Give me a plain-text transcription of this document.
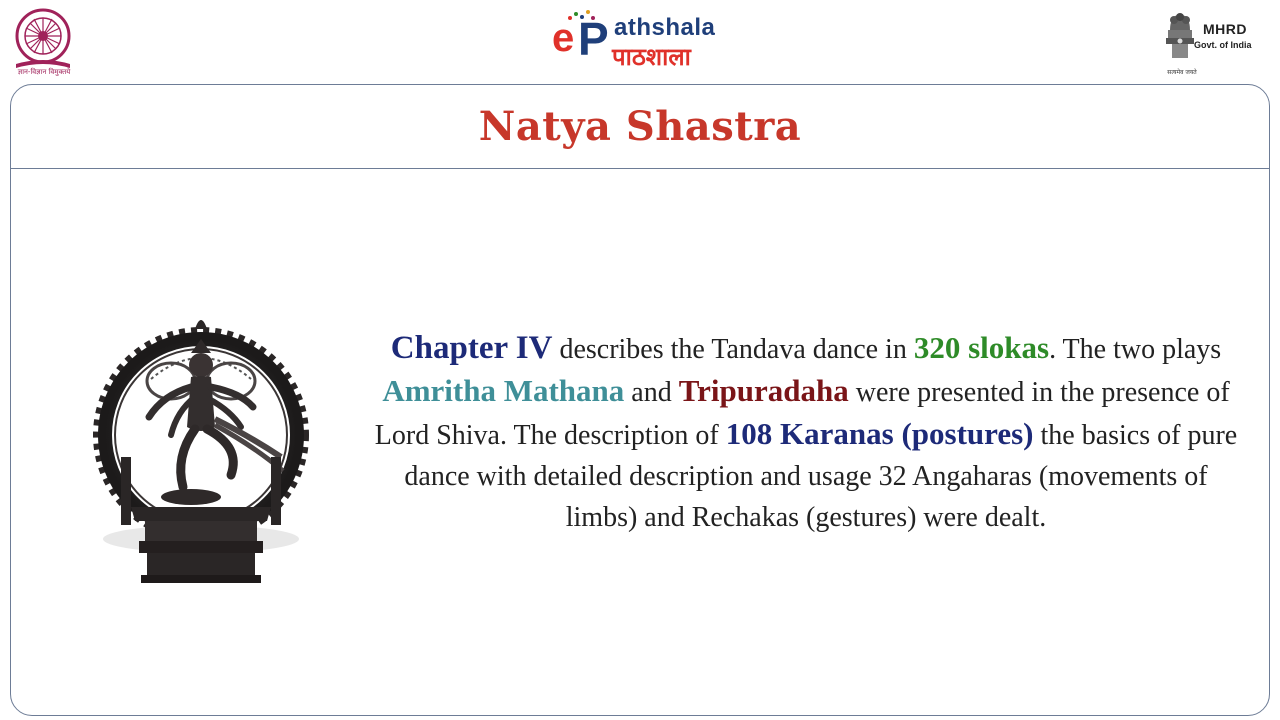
ज्ञान-विज्ञान विमुक्तये
e P athshala
पाठशाला
MHRD
Govt. of India
सत्यमेव जयते
Natya Shastra
Chapter IV describes the Tandava dance in 320 slokas. The two plays Amritha Mathana and Tripuradaha were presented in the presence of Lord Shiva. The description of 108 Karanas (postures) the basics of pure dance with detailed description and usage 32 Angaharas (movements of limbs) and Rechakas (gestures) were dealt.
